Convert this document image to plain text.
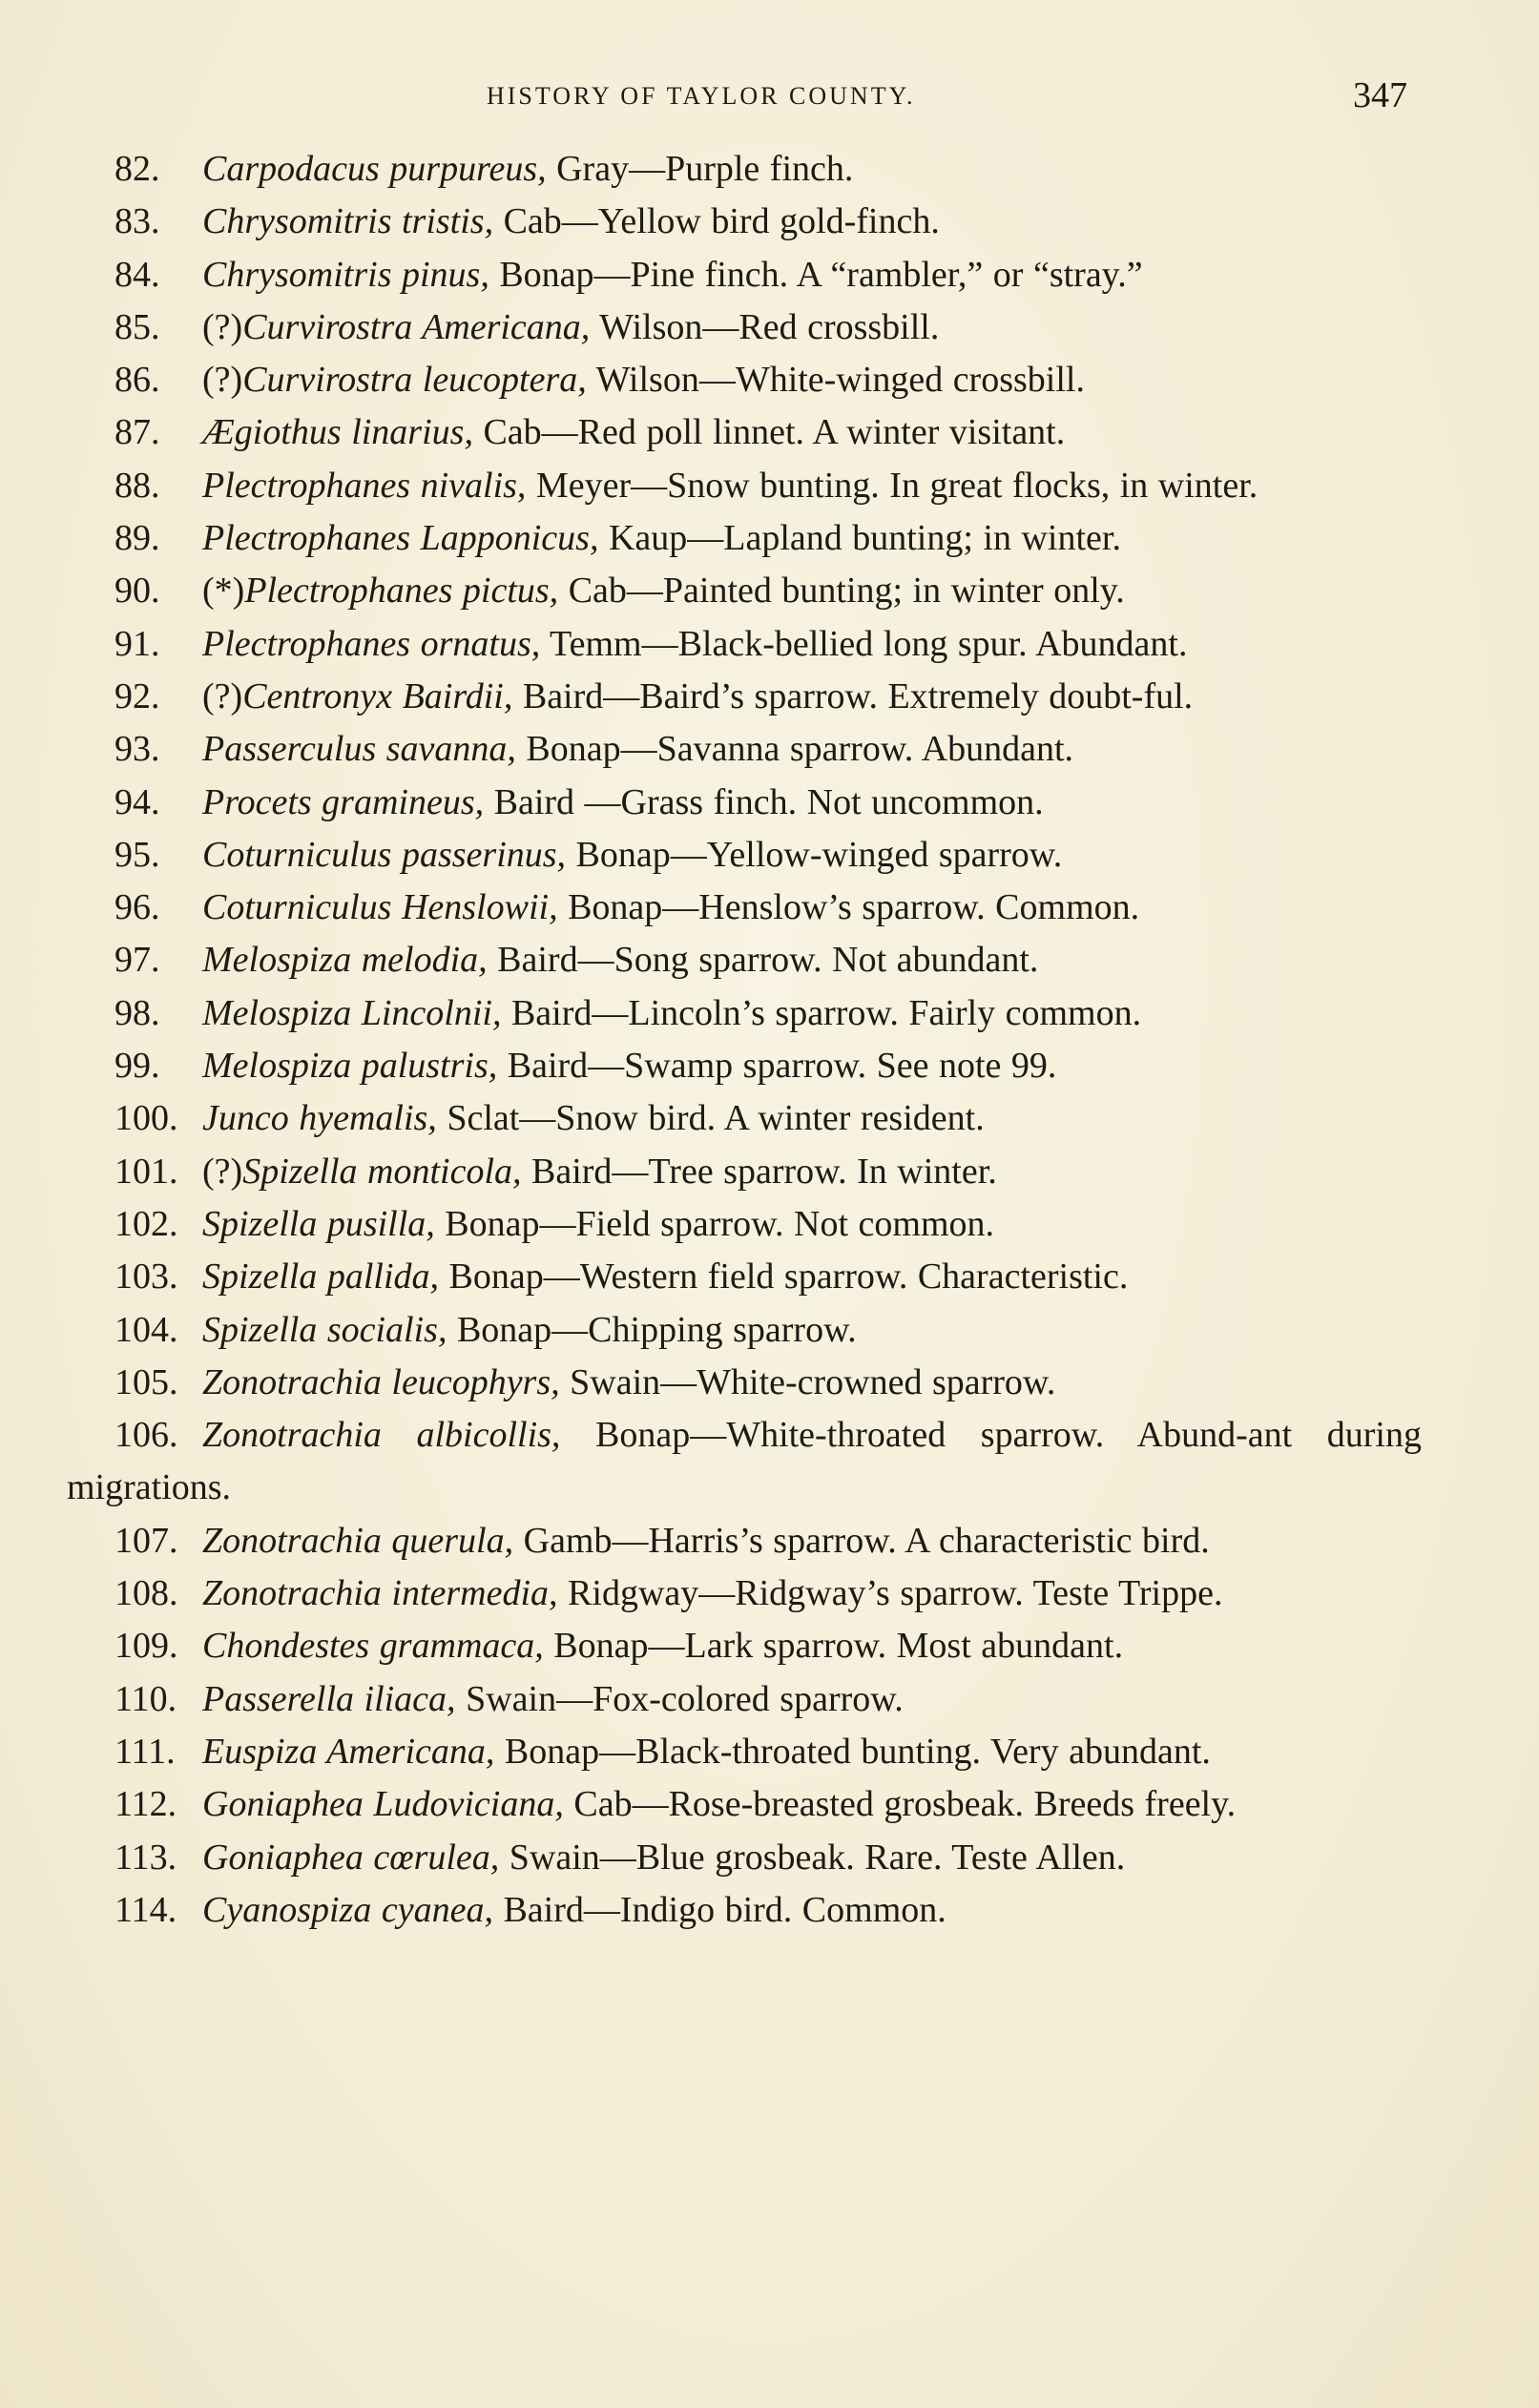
HISTORY OF TAYLOR COUNTY.	347
82. Carpodacus purpureus, Gray—Purple finch.
83. Chrysomitris tristis, Cab—Yellow bird gold-finch.
84. Chrysomitris pinus, Bonap—Pine finch. A “rambler,” or “stray.”
85. (?)Curvirostra Americana, Wilson—Red crossbill.
86. (?)Curvirostra leucoptera, Wilson—White-winged crossbill.
87. Ægiothus linarius, Cab—Red poll linnet. A winter visitant.
88. Plectrophanes nivalis, Meyer—Snow bunting. In great flocks, in winter.
89. Plectrophanes Lapponicus, Kaup—Lapland bunting; in winter.
90. (*)Plectrophanes pictus, Cab—Painted bunting; in winter only.
91. Plectrophanes ornatus, Temm—Black-bellied long spur. Abundant.
92. (?)Centronyx Bairdii, Baird—Baird’s sparrow. Extremely doubt-ful.
93. Passerculus savanna, Bonap—Savanna sparrow. Abundant.
94. Procets gramineus, Baird —Grass finch. Not uncommon.
95. Coturniculus passerinus, Bonap—Yellow-winged sparrow.
96. Coturniculus Henslowii, Bonap—Henslow’s sparrow. Common.
97. Melospiza melodia, Baird—Song sparrow. Not abundant.
98. Melospiza Lincolnii, Baird—Lincoln’s sparrow. Fairly common.
99. Melospiza palustris, Baird—Swamp sparrow. See note 99.
100. Junco hyemalis, Sclat—Snow bird. A winter resident.
101. (?)Spizella monticola, Baird—Tree sparrow. In winter.
102. Spizella pusilla, Bonap—Field sparrow. Not common.
103. Spizella pallida, Bonap—Western field sparrow. Characteristic.
104. Spizella socialis, Bonap—Chipping sparrow.
105. Zonotrachia leucophyrs, Swain—White-crowned sparrow.
106. Zonotrachia albicollis, Bonap—White-throated sparrow. Abund-ant during migrations.
107. Zonotrachia querula, Gamb—Harris’s sparrow. A characteristic bird.
108. Zonotrachia intermedia, Ridgway—Ridgway’s sparrow. Teste Trippe.
109. Chondestes grammaca, Bonap—Lark sparrow. Most abundant.
110. Passerella iliaca, Swain—Fox-colored sparrow.
111. Euspiza Americana, Bonap—Black-throated bunting. Very abundant.
112. Goniaphea Ludoviciana, Cab—Rose-breasted grosbeak. Breeds freely.
113. Goniaphea cœrulea, Swain—Blue grosbeak. Rare. Teste Allen.
114. Cyanospiza cyanea, Baird—Indigo bird. Common.
